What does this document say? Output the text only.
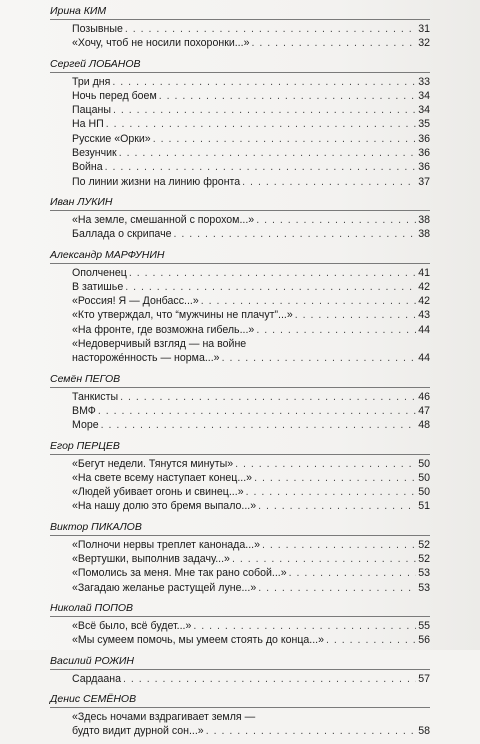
Ирина КИМ
Позывные . . .	31
«Хочу, чтоб не носили похоронки...» . . .	32
Сергей ЛОБАНОВ
Три дня . . .	33
Ночь перед боем . . .	34
Пацаны . . .	34
На НП . . .	35
Русские «Орки» . . .	36
Везунчик . . .	36
Война . . .	36
По линии жизни на линию фронта . . .	37
Иван ЛУКИН
«На земле, смешанной с порохом...» . . .	38
Баллада о скрипаче . . .	38
Александр МАРФУНИН
Ополченец . . .	41
В затишье . . .	42
«Россия! Я — Донбасс...» . . .	42
«Кто утверждал, что “мужчины не плачут”...» . . .	43
«На фронте, где возможна гибель...» . . .	44
«Недоверчивый взгляд — на войне
настороже́нность — норма...» . . .	44
Семён ПЕГОВ
Танкисты . . .	46
ВМФ . . .	47
Море . . .	48
Егор ПЕРЦЕВ
«Бегут недели. Тянутся минуты» . . .	50
«На свете всему наступает конец...» . . .	50
«Людей убивает огонь и свинец...» . . .	50
«На нашу долю это бремя выпало...» . . .	51
Виктор ПИКАЛОВ
«Полночи нервы треплет канонада...» . . .	52
«Вертушки, выполнив задачу...» . . .	52
«Помолись за меня. Мне так рано собой...» . . .	53
«Загадаю желанье растущей луне...» . . .	53
Николай ПОПОВ
«Всё было, всё будет...» . . .	55
«Мы сумеем помочь, мы умеем стоять до конца...» . . .	56
Василий РОЖИН
Сардаана . . .	57
Денис СЕМЁНОВ
«Здесь ночами вздрагивает земля —
будто видит дурной сон...» . . .	58
